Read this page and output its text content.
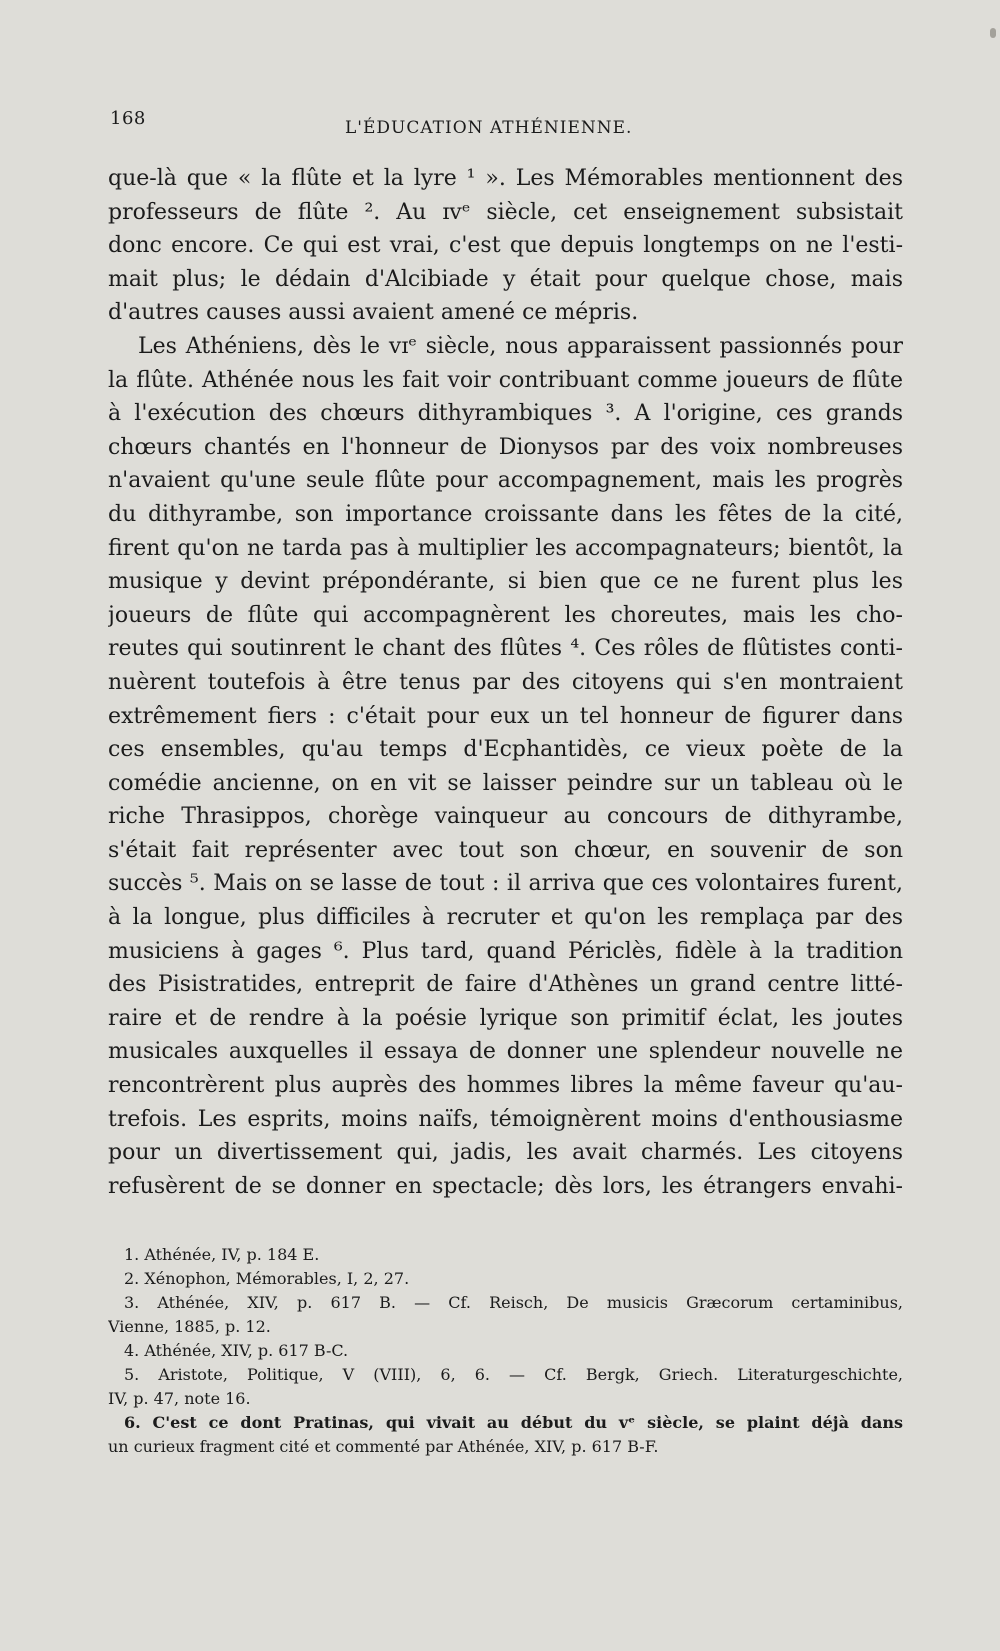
168	L'ÉDUCATION ATHÉNIENNE.
que-là que « la flûte et la lyre ¹ ». Les Mémorables mentionnent des
professeurs de flûte ². Au ɪvᵉ siècle, cet enseignement subsistait
donc encore. Ce qui est vrai, c'est que depuis longtemps on ne l'esti-
mait plus; le dédain d'Alcibiade y était pour quelque chose, mais
d'autres causes aussi avaient amené ce mépris.
Les Athéniens, dès le vɪᵉ siècle, nous apparaissent passionnés pour
la flûte. Athénée nous les fait voir contribuant comme joueurs de flûte
à l'exécution des chœurs dithyrambiques ³. A l'origine, ces grands
chœurs chantés en l'honneur de Dionysos par des voix nombreuses
n'avaient qu'une seule flûte pour accompagnement, mais les progrès
du dithyrambe, son importance croissante dans les fêtes de la cité,
firent qu'on ne tarda pas à multiplier les accompagnateurs; bientôt, la
musique y devint prépondérante, si bien que ce ne furent plus les
joueurs de flûte qui accompagnèrent les choreutes, mais les cho-
reutes qui soutinrent le chant des flûtes ⁴. Ces rôles de flûtistes conti-
nuèrent toutefois à être tenus par des citoyens qui s'en montraient
extrêmement fiers : c'était pour eux un tel honneur de figurer dans
ces ensembles, qu'au temps d'Ecphantidès, ce vieux poète de la
comédie ancienne, on en vit se laisser peindre sur un tableau où le
riche Thrasippos, chorège vainqueur au concours de dithyrambe,
s'était fait représenter avec tout son chœur, en souvenir de son
succès ⁵. Mais on se lasse de tout : il arriva que ces volontaires furent,
à la longue, plus difficiles à recruter et qu'on les remplaça par des
musiciens à gages ⁶. Plus tard, quand Périclès, fidèle à la tradition
des Pisistratides, entreprit de faire d'Athènes un grand centre litté-
raire et de rendre à la poésie lyrique son primitif éclat, les joutes
musicales auxquelles il essaya de donner une splendeur nouvelle ne
rencontrèrent plus auprès des hommes libres la même faveur qu'au-
trefois. Les esprits, moins naïfs, témoignèrent moins d'enthousiasme
pour un divertissement qui, jadis, les avait charmés. Les citoyens
refusèrent de se donner en spectacle; dès lors, les étrangers envahi-
1. Athénée, IV, p. 184 E.
2. Xénophon, Mémorables, I, 2, 27.
3. Athénée, XIV, p. 617 B. — Cf. Reisch, De musicis Græcorum certaminibus,
Vienne, 1885, p. 12.
4. Athénée, XIV, p. 617 B-C.
5. Aristote, Politique, V (VIII), 6, 6. — Cf. Bergk, Griech. Literaturgeschichte,
IV, p. 47, note 16.
6. C'est ce dont Pratinas, qui vivait au début du vᵉ siècle, se plaint déjà dans
un curieux fragment cité et commenté par Athénée, XIV, p. 617 B-F.
